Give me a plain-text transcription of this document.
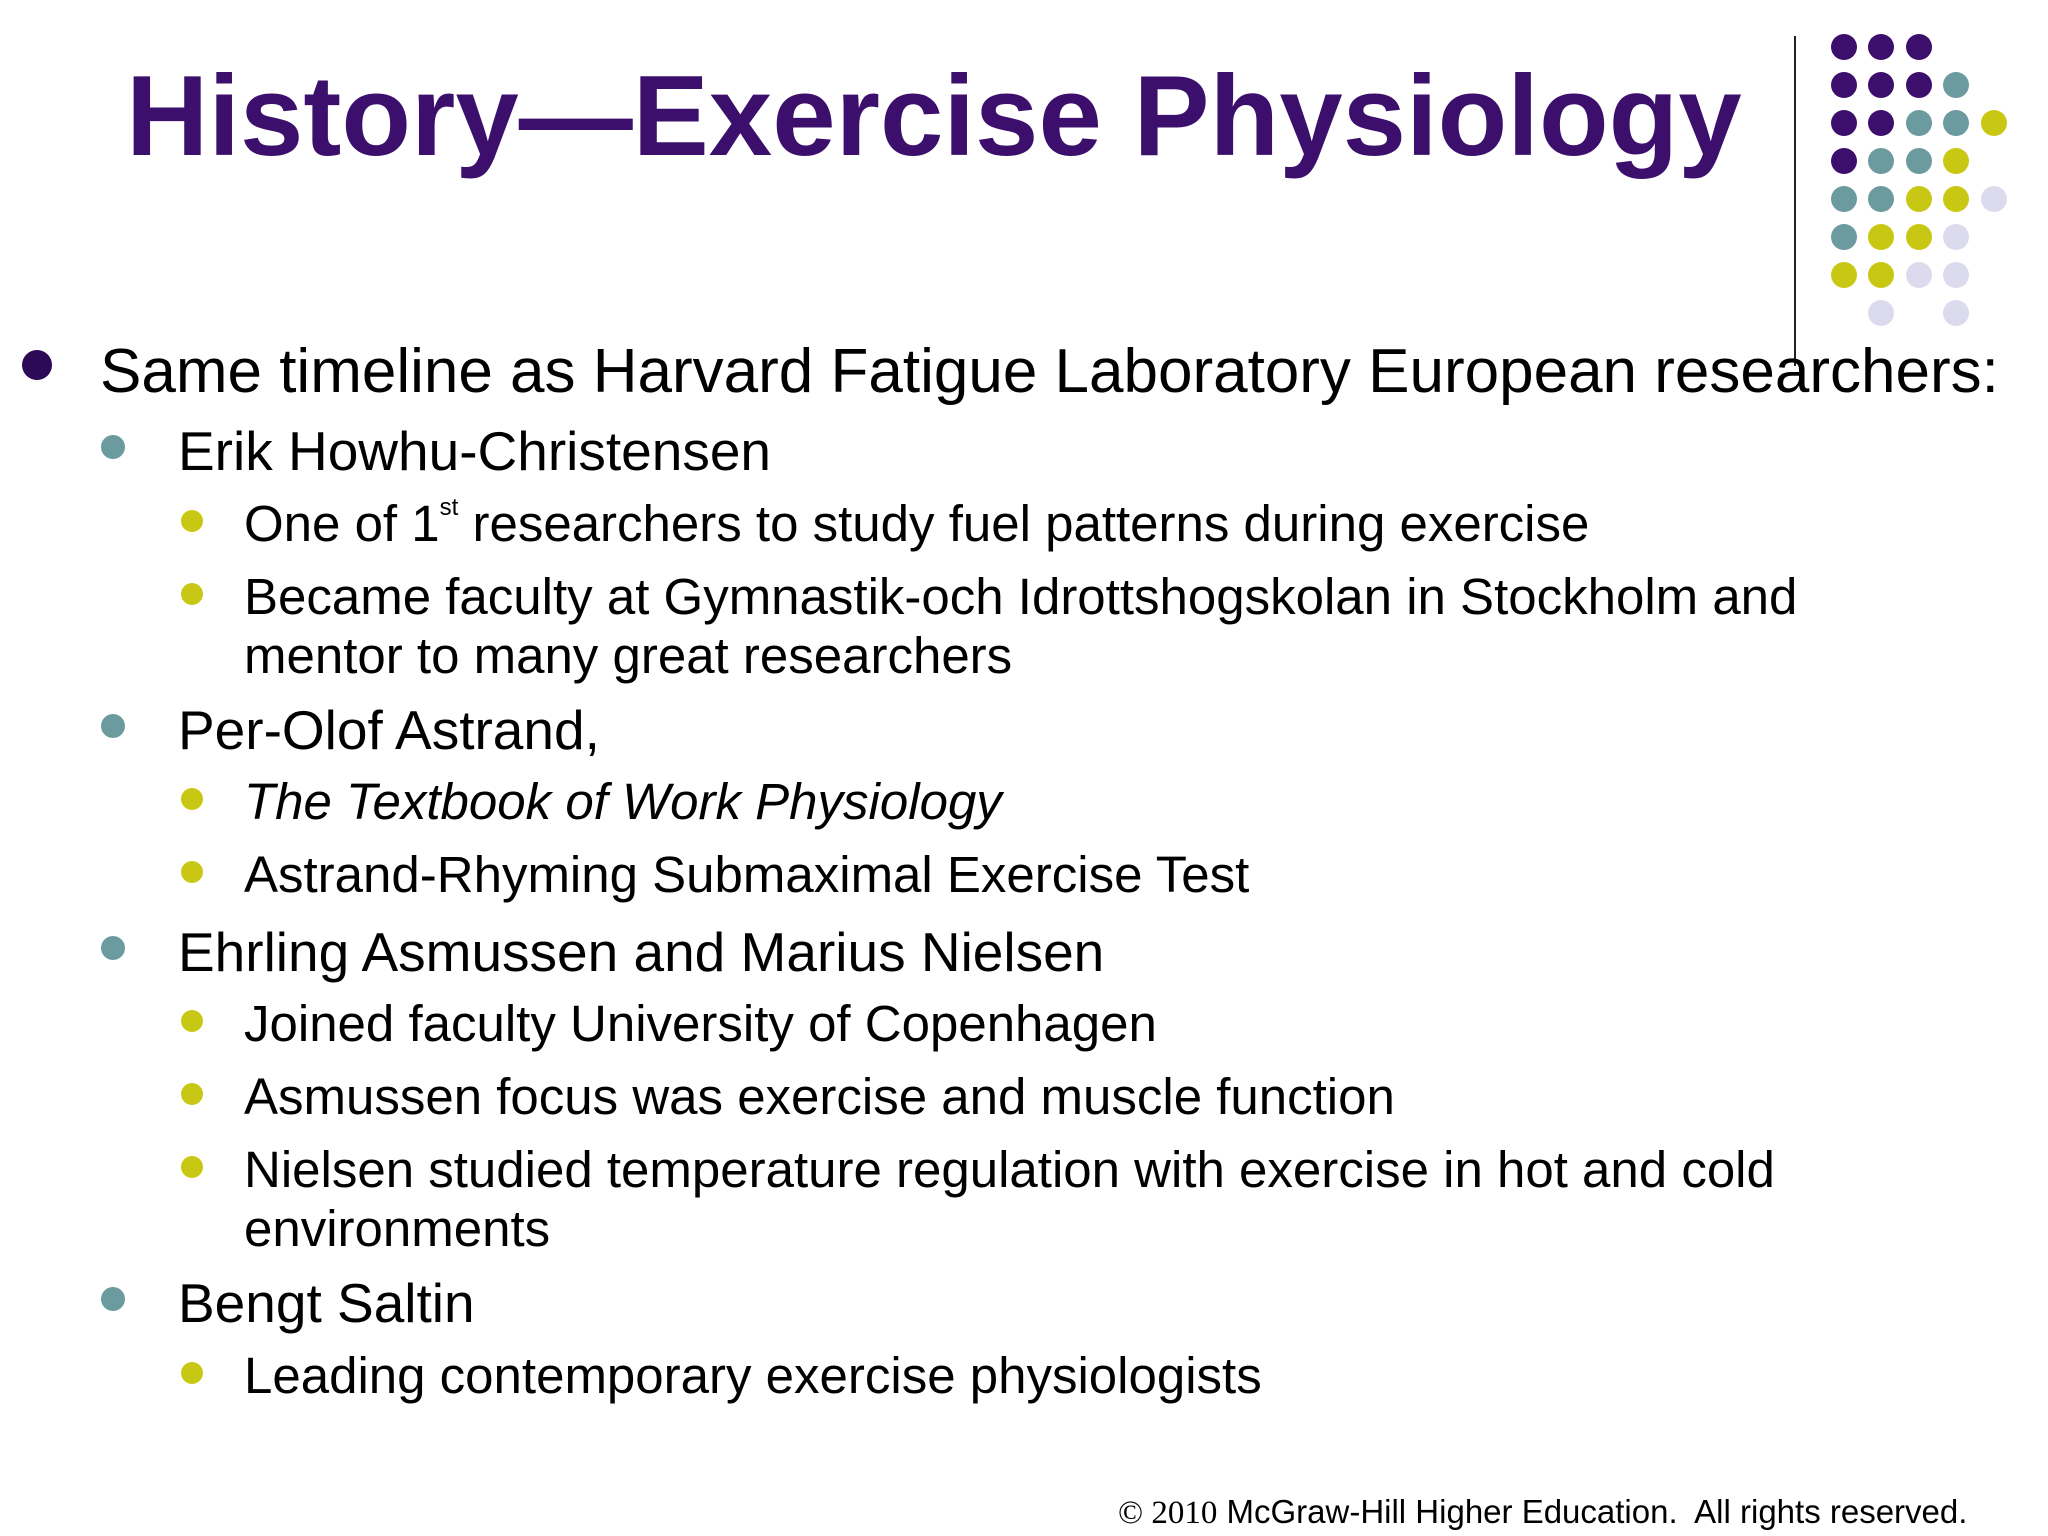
History—Exercise Physiology
Same timeline as Harvard Fatigue Laboratory European researchers:
Erik Howhu-Christensen
One of 1st researchers to study fuel patterns during exercise
Became faculty at Gymnastik-och Idrottshogskolan in Stockholm and
mentor to many great researchers
Per-Olof Astrand,
The Textbook of Work Physiology
Astrand-Rhyming Submaximal Exercise Test
Ehrling Asmussen and Marius Nielsen
Joined faculty University of Copenhagen
Asmussen focus was exercise and muscle function
Nielsen studied temperature regulation with exercise in hot and cold
environments
Bengt Saltin
Leading contemporary exercise physiologists
© 2010 McGraw-Hill Higher Education.  All rights reserved.
